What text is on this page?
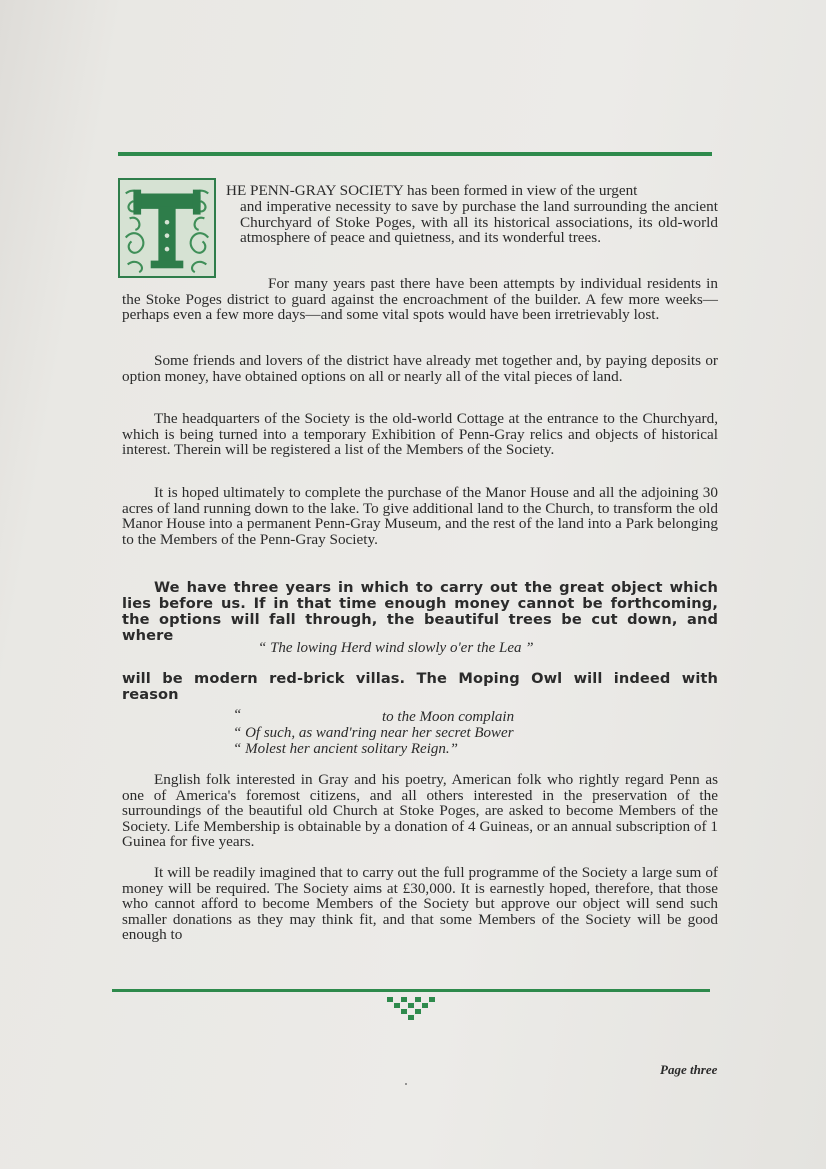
HE PENN-GRAY SOCIETY has been formed in view of the urgent

and imperative necessity to save by purchase the land surrounding the ancient Churchyard of Stoke Poges, with all its historical associations, its old-world atmosphere of peace and quietness, and its wonderful trees.

For many years past there have been attempts by individual residents in the Stoke Poges district to guard against the encroachment of the builder. A few more weeks—perhaps even a few more days—and some vital spots would have been irretrievably lost.

Some friends and lovers of the district have already met together and, by paying deposits or option money, have obtained options on all or nearly all of the vital pieces of land.

The headquarters of the Society is the old-world Cottage at the entrance to the Churchyard, which is being turned into a temporary Exhibition of Penn-Gray relics and objects of historical interest. Therein will be registered a list of the Members of the Society.

It is hoped ultimately to complete the purchase of the Manor House and all the adjoining 30 acres of land running down to the lake. To give additional land to the Church, to transform the old Manor House into a permanent Penn-Gray Museum, and the rest of the land into a Park belonging to the Members of the Penn-Gray Society.

We have three years in which to carry out the great object which lies before us. If in that time enough money cannot be forthcoming, the options will fall through, the beautiful trees be cut down, and where

“ The lowing Herd wind slowly o'er the Lea ”

will be modern red-brick villas. The Moping Owl will indeed with reason

“	to the Moon complain
“ Of such, as wand'ring near her secret Bower
“ Molest her ancient solitary Reign.”

English folk interested in Gray and his poetry, American folk who rightly regard Penn as one of America's foremost citizens, and all others interested in the preservation of the surroundings of the beautiful old Church at Stoke Poges, are asked to become Members of the Society. Life Membership is obtainable by a donation of 4 Guineas, or an annual subscription of 1 Guinea for five years.

It will be readily imagined that to carry out the full programme of the Society a large sum of money will be required. The Society aims at £30,000. It is earnestly hoped, therefore, that those who cannot afford to become Members of the Society but approve our object will send such smaller donations as they may think fit, and that some Members of the Society will be good enough to

Page three
